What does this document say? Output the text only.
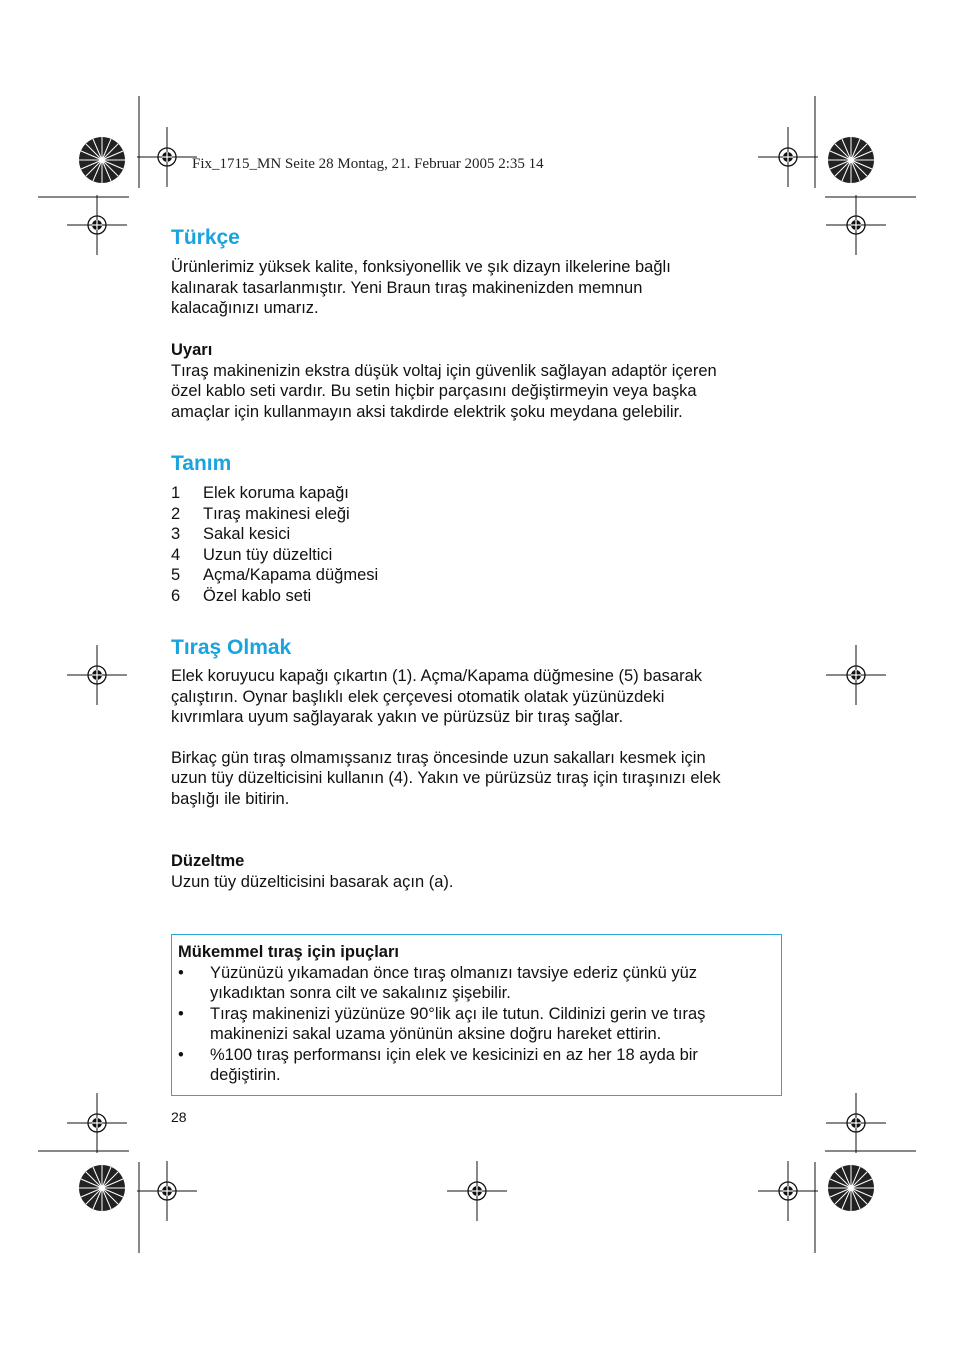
Fix_1715_MN Seite 28 Montag, 21. Februar 2005 2:35 14
Türkçe

Ürünlerimiz yüksek kalite, fonksiyonellik ve şık dizayn ilkelerine bağlı

kalınarak tasarlanmıştır. Yeni Braun tıraş makinenizden memnun

kalacağınızı umarız.

Uyarı

Tıraş makinenizin ekstra düşük voltaj için güvenlik sağlayan adaptör içeren

özel kablo seti vardır. Bu setin hiçbir parçasını değiştirmeyin veya başka

amaçlar için kullanmayın aksi takdirde elektrik şoku meydana gelebilir.

Tanım
1	Elek koruma kapağı
2	Tıraş makinesi eleği
3	Sakal kesici
4	Uzun tüy düzeltici
5	Açma/Kapama düğmesi
6	Özel kablo seti
Tıraş Olmak

Elek koruyucu kapağı çıkartın (1). Açma/Kapama düğmesine (5) basarak

çalıştırın. Oynar başlıklı elek çerçevesi otomatik olatak yüzünüzdeki

kıvrımlara uyum sağlayarak yakın ve pürüzsüz bir tıraş sağlar.

Birkaç gün tıraş olmamışsanız tıraş öncesinde uzun sakalları kesmek için

uzun tüy düzelticisini kullanın (4). Yakın ve pürüzsüz tıraş için tıraşınızı elek

başlığı ile bitirin.

Düzeltme

Uzun tüy düzelticisini basarak açın (a).

Mükemmel tıraş için ipuçları

•	Yüzünüzü yıkamadan önce tıraş olmanızı tavsiye ederiz çünkü yüz
yıkadıktan sonra cilt ve sakalınız şişebilir.
•	Tıraş makinenizi yüzünüze 90°lik açı ile tutun. Cildinizi gerin ve tıraş
makinenizi sakal uzama yönünün aksine doğru hareket ettirin.
•	%100 tıraş performansı için elek ve kesicinizi en az her 18 ayda bir
değiştirin.
28
